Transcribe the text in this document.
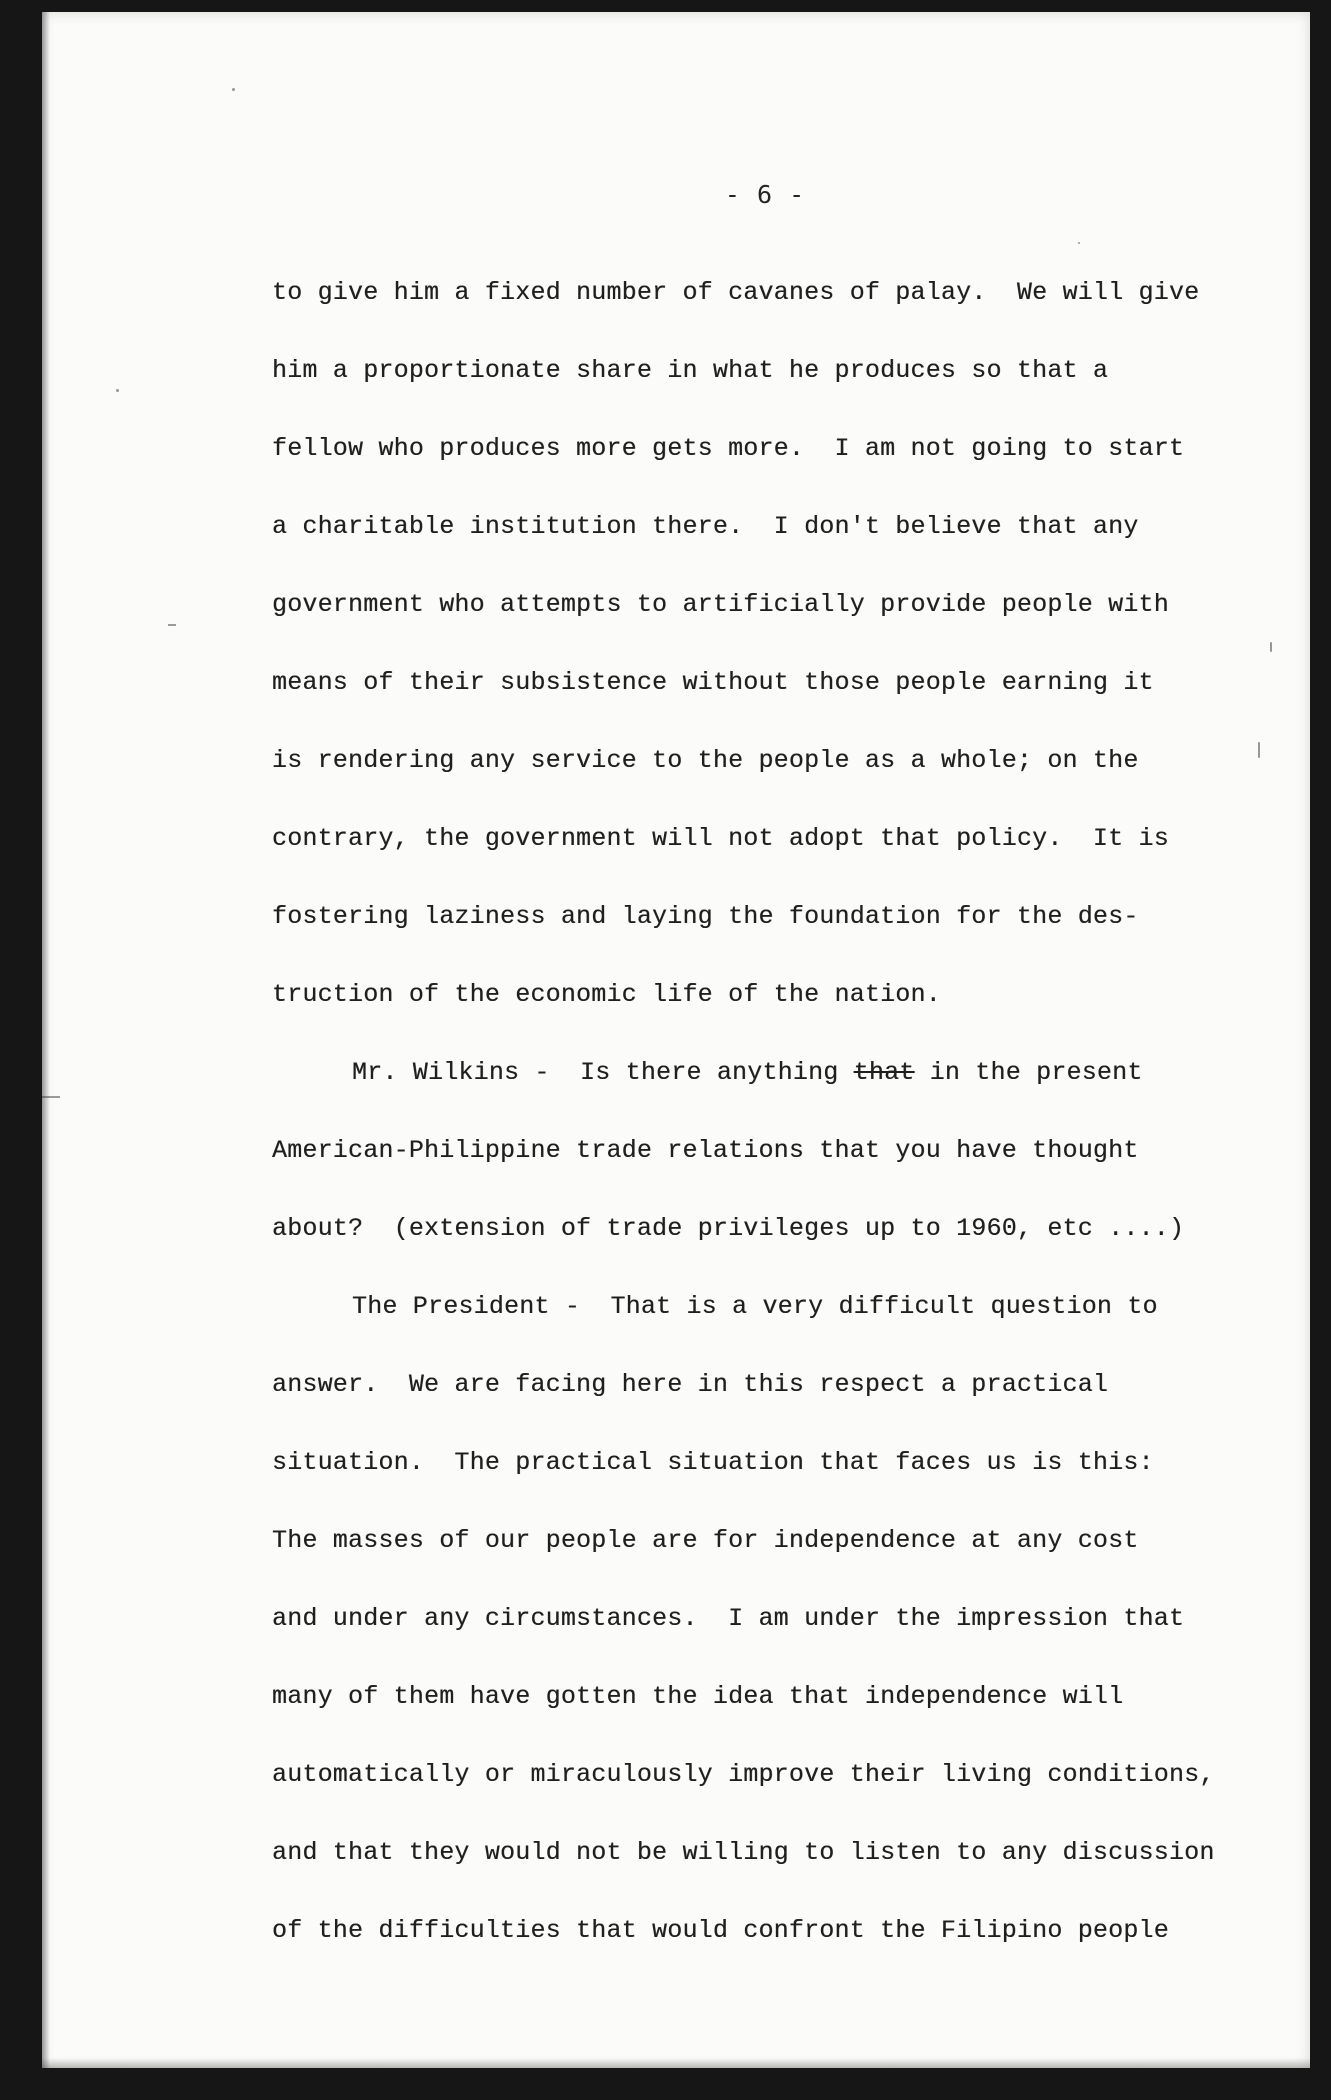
- 6 -
to give him a fixed number of cavanes of palay.  We will give
him a proportionate share in what he produces so that a
fellow who produces more gets more.  I am not going to start
a charitable institution there.  I don't believe that any
government who attempts to artificially provide people with
means of their subsistence without those people earning it
is rendering any service to the people as a whole; on the
contrary, the government will not adopt that policy.  It is
fostering laziness and laying the foundation for the des-
truction of the economic life of the nation.
Mr. Wilkins -  Is there anything that in the present
American-Philippine trade relations that you have thought
about?  (extension of trade privileges up to 1960, etc ....)
The President -  That is a very difficult question to
answer.  We are facing here in this respect a practical
situation.  The practical situation that faces us is this:
The masses of our people are for independence at any cost
and under any circumstances.  I am under the impression that
many of them have gotten the idea that independence will
automatically or miraculously improve their living conditions,
and that they would not be willing to listen to any discussion
of the difficulties that would confront the Filipino people
